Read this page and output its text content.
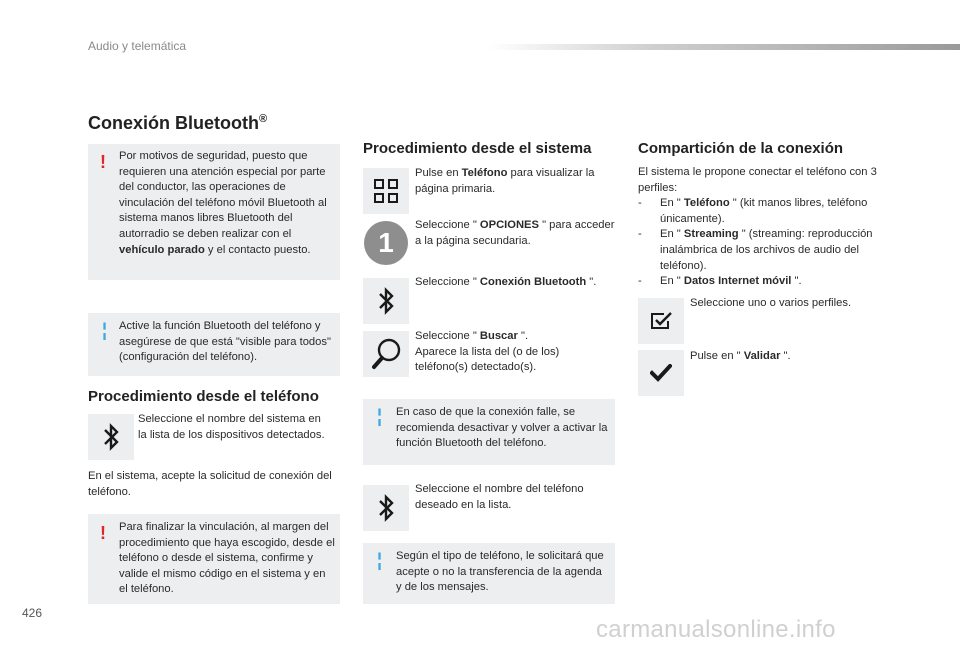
Audio y telemática
Conexión Bluetooth®
! Por motivos de seguridad, puesto que requieren una atención especial por parte del conductor, las operaciones de vinculación del teléfono móvil Bluetooth al sistema manos libres Bluetooth del autorradio se deben realizar con el vehículo parado y el contacto puesto.
¦ Active la función Bluetooth del teléfono y asegúrese de que está "visible para todos" (configuración del teléfono).
Procedimiento desde el teléfono
Seleccione el nombre del sistema en la lista de los dispositivos detectados.
En el sistema, acepte la solicitud de conexión del teléfono.
! Para finalizar la vinculación, al margen del procedimiento que haya escogido, desde el teléfono o desde el sistema, confirme y valide el mismo código en el sistema y en el teléfono.
Procedimiento desde el sistema
Pulse en Teléfono para visualizar la página primaria.
1
Seleccione " OPCIONES " para acceder a la página secundaria.
Seleccione " Conexión Bluetooth ".
Seleccione " Buscar ".
Aparece la lista del (o de los) teléfono(s) detectado(s).
¦ En caso de que la conexión falle, se recomienda desactivar y volver a activar la función Bluetooth del teléfono.
Seleccione el nombre del teléfono deseado en la lista.
¦ Según el tipo de teléfono, le solicitará que acepte o no la transferencia de la agenda y de los mensajes.
Compartición de la conexión
El sistema le propone conectar el teléfono con 3 perfiles:
- En " Teléfono " (kit manos libres, teléfono únicamente).
- En " Streaming " (streaming: reproducción inalámbrica de los archivos de audio del teléfono).
- En " Datos Internet móvil ".
Seleccione uno o varios perfiles.
Pulse en " Validar ".
426
carmanualsonline.info
